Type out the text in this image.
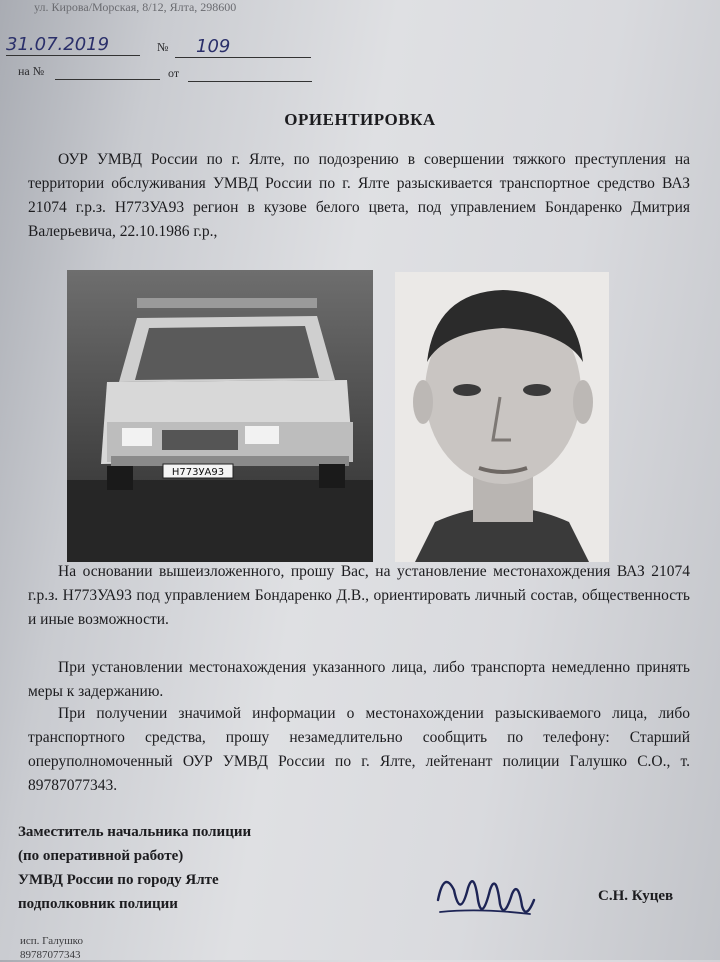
ул. Кирова/Морская, 8/12, Ялта, 298600
31.07.2019	№ 109
на №	от
ОРИЕНТИРОВКА
ОУР УМВД России по г. Ялте, по подозрению в совершении тяжкого преступления на территории обслуживания УМВД России по г. Ялте разыскивается транспортное средство ВАЗ 21074 г.р.з. Н773УА93 регион в кузове белого цвета, под управлением Бондаренко Дмитрия Валерьевича, 22.10.1986 г.р.,
Н773УА93
На основании вышеизложенного, прошу Вас, на установление местонахождения ВАЗ 21074 г.р.з. Н773УА93 под управлением Бондаренко Д.В., ориентировать личный состав, общественность и иные возможности.
При установлении местонахождения указанного лица, либо транспорта немедленно принять меры к задержанию.
При получении значимой информации о местонахождении разыскиваемого лица, либо транспортного средства, прошу незамедлительно сообщить по телефону: Старший оперуполномоченный ОУР УМВД России по г. Ялте, лейтенант полиции Галушко С.О., т. 89787077343.
Заместитель начальника полиции
(по оперативной работе)
УМВД России по городу Ялте
подполковник полиции	С.Н. Куцев
исп. Галушко
89787077343
